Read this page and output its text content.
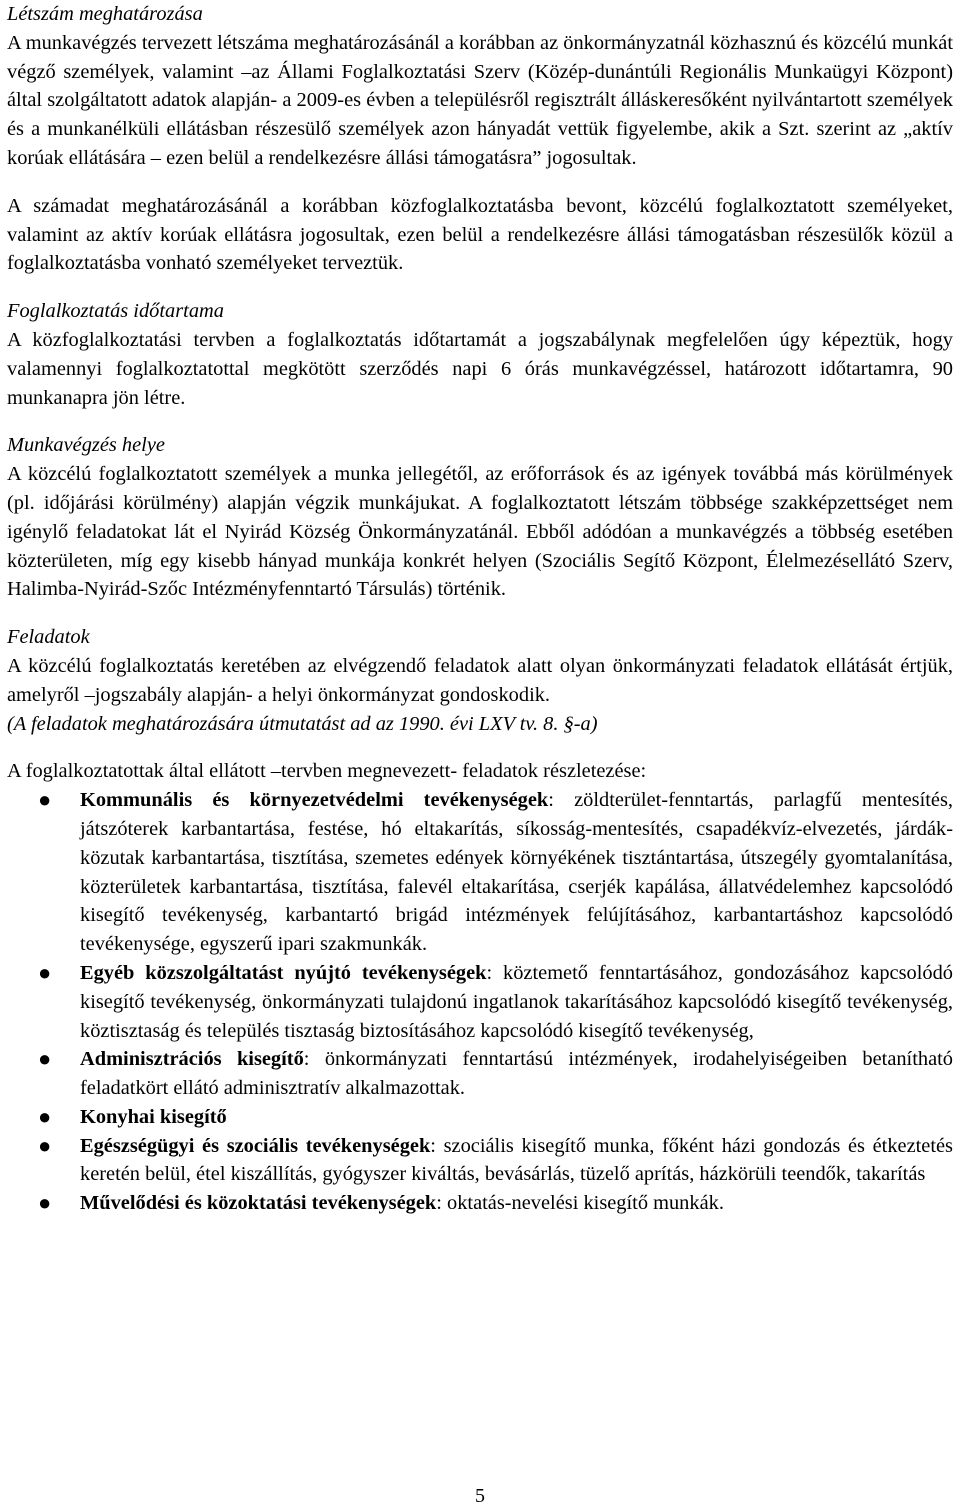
Létszám meghatározása

A munkavégzés tervezett létszáma meghatározásánál a korábban az önkormányzatnál közhasznú és közcélú munkát végző személyek, valamint –az Állami Foglalkoztatási Szerv (Közép-dunántúli Regionális Munkaügyi Központ) által szolgáltatott adatok alapján- a 2009-es évben a településről regisztrált álláskeresőként nyilvántartott személyek és a munkanélküli ellátásban részesülő személyek azon hányadát vettük figyelembe, akik a Szt. szerint az „aktív korúak ellátására – ezen belül a rendelkezésre állási támogatásra” jogosultak.

A számadat meghatározásánál a korábban közfoglalkoztatásba bevont, közcélú foglalkoztatott személyeket, valamint az aktív korúak ellátásra jogosultak, ezen belül a rendelkezésre állási támogatásban részesülők közül a foglalkoztatásba vonható személyeket terveztük.

Foglalkoztatás időtartama

A közfoglalkoztatási tervben a foglalkoztatás időtartamát a jogszabálynak megfelelően úgy képeztük, hogy valamennyi foglalkoztatottal megkötött szerződés napi 6 órás munkavégzéssel, határozott időtartamra, 90 munkanapra jön létre.

Munkavégzés helye

A közcélú foglalkoztatott személyek a munka jellegétől, az erőforrások és az igények továbbá más körülmények (pl. időjárási körülmény) alapján végzik munkájukat. A foglalkoztatott létszám többsége szakképzettséget nem igénylő feladatokat lát el Nyirád Község Önkormányzatánál. Ebből adódóan a munkavégzés a többség esetében közterületen, míg egy kisebb hányad munkája konkrét helyen (Szociális Segítő Központ, Élelmezésellátó Szerv, Halimba-Nyirád-Szőc Intézményfenntartó Társulás) történik.

Feladatok

A közcélú foglalkoztatás keretében az elvégzendő feladatok alatt olyan önkormányzati feladatok ellátását értjük, amelyről –jogszabály alapján- a helyi önkormányzat gondoskodik.

(A feladatok meghatározására útmutatást ad az 1990. évi LXV tv. 8. §-a)

A foglalkoztatottak által ellátott –tervben megnevezett- feladatok részletezése:

● Kommunális és környezetvédelmi tevékenységek: zöldterület-fenntartás, parlagfű mentesítés, játszóterek karbantartása, festése, hó eltakarítás, síkosság-mentesítés, csapadékvíz-elvezetés, járdák-közutak karbantartása, tisztítása, szemetes edények környékének tisztántartása, útszegély gyomtalanítása, közterületek karbantartása, tisztítása, falevél eltakarítása, cserjék kapálása, állatvédelemhez kapcsolódó kisegítő tevékenység, karbantartó brigád intézmények felújításához, karbantartáshoz kapcsolódó tevékenysége, egyszerű ipari szakmunkák.
● Egyéb közszolgáltatást nyújtó tevékenységek: köztemető fenntartásához, gondozásához kapcsolódó kisegítő tevékenység, önkormányzati tulajdonú ingatlanok takarításához kapcsolódó kisegítő tevékenység, köztisztaság és település tisztaság biztosításához kapcsolódó kisegítő tevékenység,
● Adminisztrációs kisegítő: önkormányzati fenntartású intézmények, irodahelyiségeiben betanítható feladatkört ellátó adminisztratív alkalmazottak.
● Konyhai kisegítő
● Egészségügyi és szociális tevékenységek: szociális kisegítő munka, főként házi gondozás és étkeztetés keretén belül, étel kiszállítás, gyógyszer kiváltás, bevásárlás, tüzelő aprítás, házkörüli teendők, takarítás
● Művelődési és közoktatási tevékenységek: oktatás-nevelési kisegítő munkák.
5
